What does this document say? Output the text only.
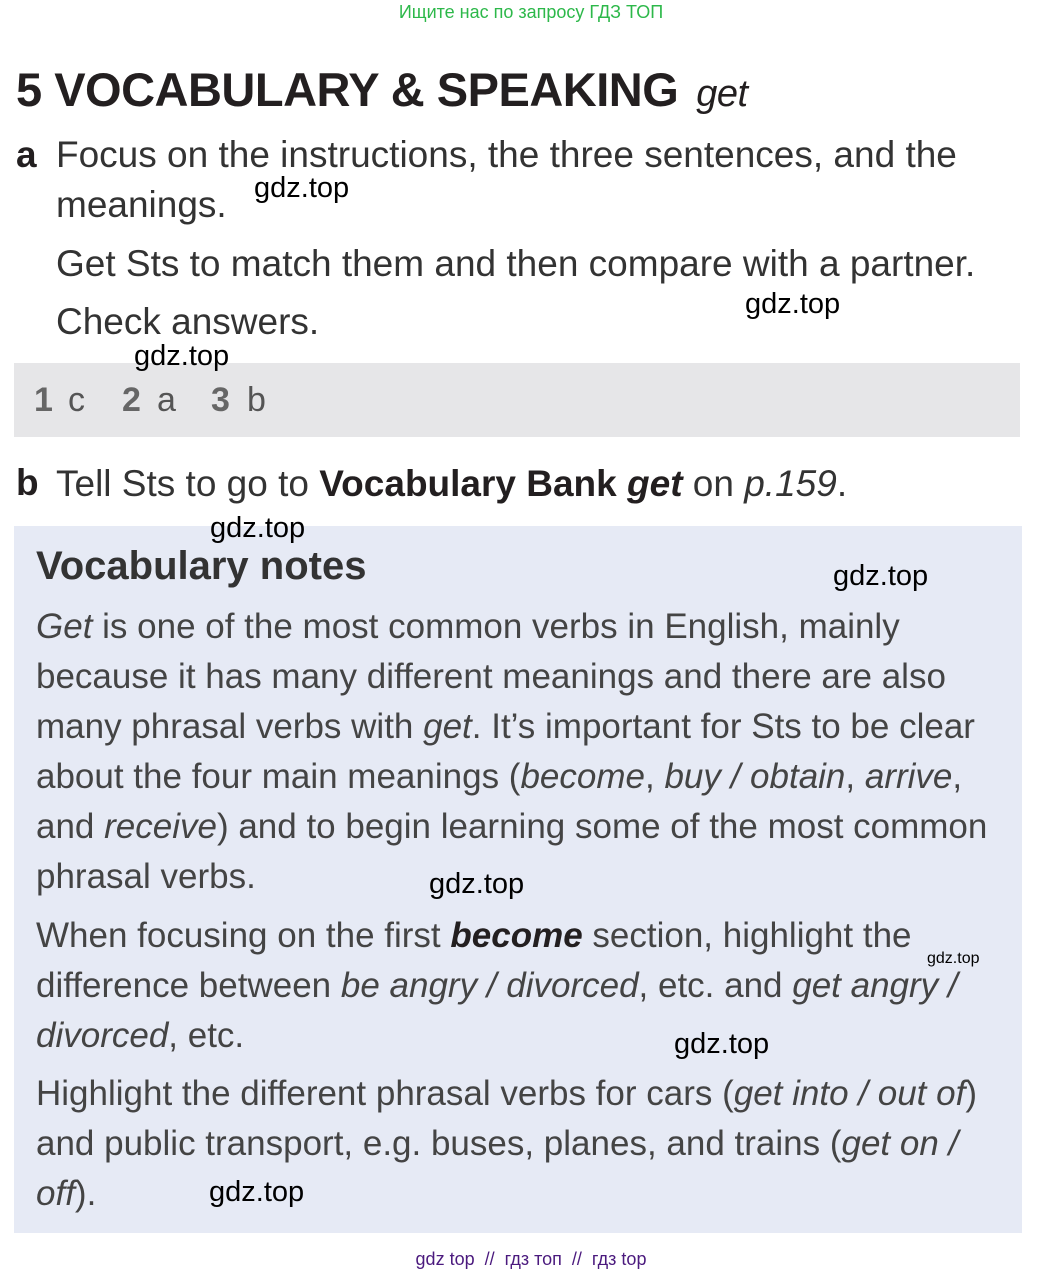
Ищите нас по запросу ГДЗ ТОП
5 VOCABULARY & SPEAKING get
a Focus on the instructions, the three sentences, and the meanings.
Get Sts to match them and then compare with a partner.
Check answers.
1 c 2 a 3 b
b Tell Sts to go to Vocabulary Bank get on p.159.
Vocabulary notes
Get is one of the most common verbs in English, mainly because it has many different meanings and there are also many phrasal verbs with get. It’s important for Sts to be clear about the four main meanings (become, buy / obtain, arrive, and receive) and to begin learning some of the most common phrasal verbs.
When focusing on the first become section, highlight the difference between be angry / divorced, etc. and get angry / divorced, etc.
Highlight the different phrasal verbs for cars (get into / out of) and public transport, e.g. buses, planes, and trains (get on / off).
gdz.top
gdz.top
gdz.top
gdz.top
gdz.top
gdz.top
gdz.top
gdz.top
gdz.top
gdz top  //  гдз топ  //  гдз top
